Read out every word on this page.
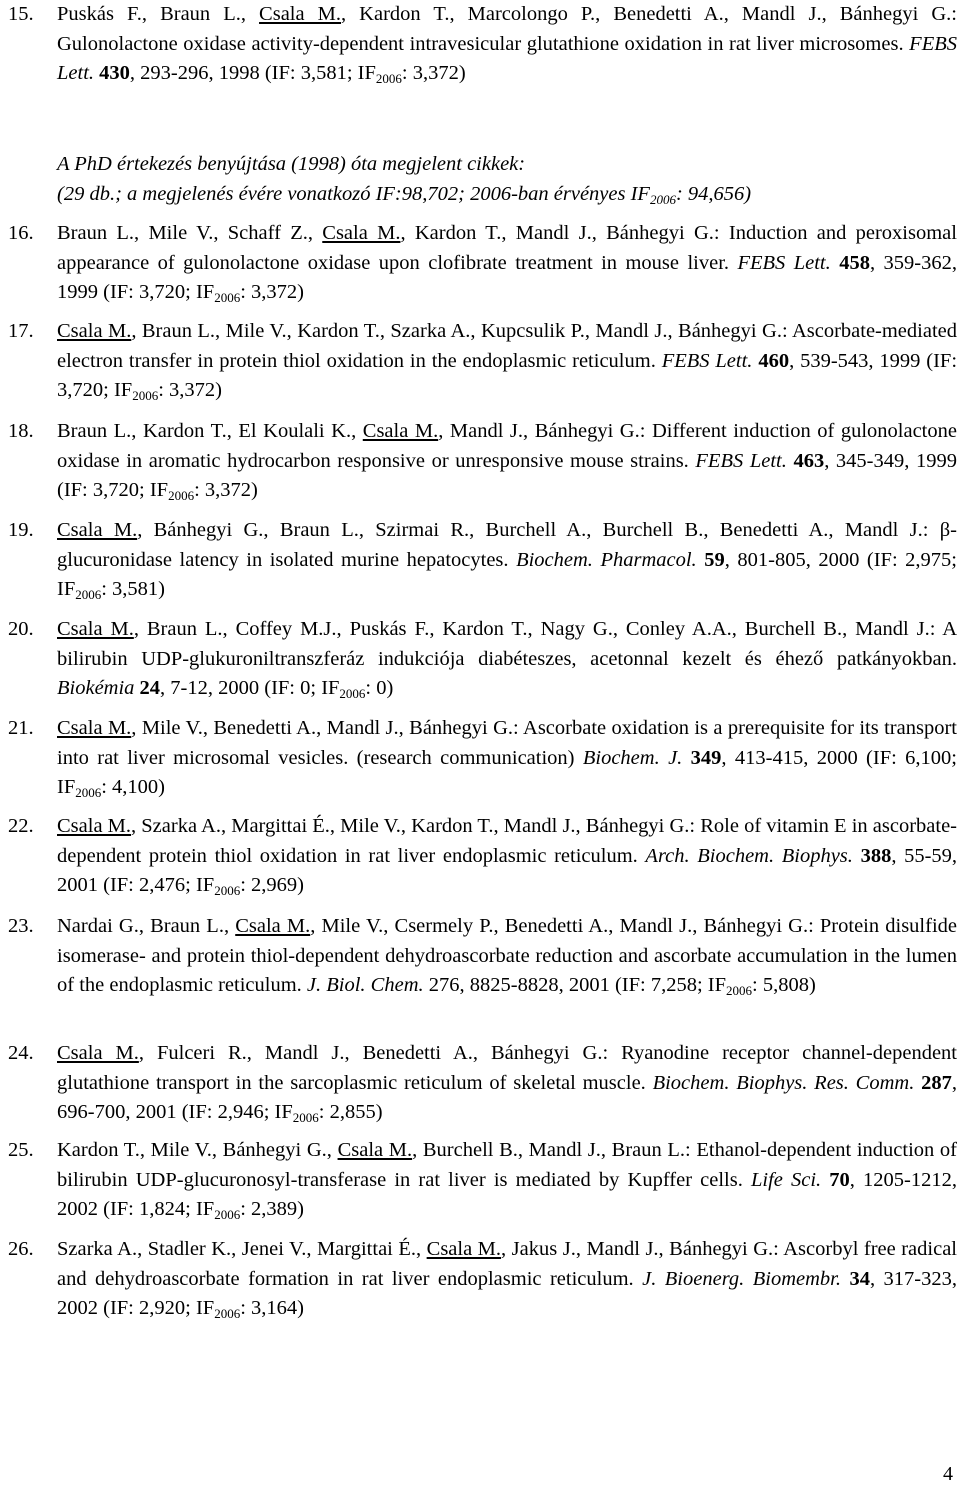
15.	Puskás F., Braun L., Csala M., Kardon T., Marcolongo P., Benedetti A., Mandl J., Bánhegyi G.: Gulonolactone oxidase activity-dependent intravesicular glutathione oxidation in rat liver microsomes. FEBS Lett. 430, 293-296, 1998 (IF: 3,581; $IF_{2006}$: 3,372)
A PhD értekezés benyújtása (1998) óta megjelent cikkek:
(29 db.; a megjelenés évére vonatkozó IF:98,702; 2006-ban érvényes $IF_{2006}$: 94,656)
16.	Braun L., Mile V., Schaff Z., Csala M., Kardon T., Mandl J., Bánhegyi G.: Induction and peroxisomal appearance of gulonolactone oxidase upon clofibrate treatment in mouse liver. FEBS Lett. 458, 359-362, 1999 (IF: 3,720; $IF_{2006}$: 3,372)
17.	Csala M., Braun L., Mile V., Kardon T., Szarka A., Kupcsulik P., Mandl J., Bánhegyi G.: Ascorbate-mediated electron transfer in protein thiol oxidation in the endoplasmic reticulum. FEBS Lett. 460, 539-543, 1999 (IF: 3,720; $IF_{2006}$: 3,372)
18.	Braun L., Kardon T., El Koulali K., Csala M., Mandl J., Bánhegyi G.: Different induction of gulonolactone oxidase in aromatic hydrocarbon responsive or unresponsive mouse strains. FEBS Lett. 463, 345-349, 1999 (IF: 3,720; $IF_{2006}$: 3,372)
19.	Csala M., Bánhegyi G., Braun L., Szirmai R., Burchell A., Burchell B., Benedetti A., Mandl J.: β-glucuronidase latency in isolated murine hepatocytes. Biochem. Pharmacol. 59, 801-805, 2000 (IF: 2,975; $IF_{2006}$: 3,581)
20.	Csala M., Braun L., Coffey M.J., Puskás F., Kardon T., Nagy G., Conley A.A., Burchell B., Mandl J.: A bilirubin UDP-glukuroniltranszferáz indukciója diabéteszes, acetonnal kezelt és éhező patkányokban. Biokémia 24, 7-12, 2000 (IF: 0; $IF_{2006}$: 0)
21.	Csala M., Mile V., Benedetti A., Mandl J., Bánhegyi G.: Ascorbate oxidation is a prerequisite for its transport into rat liver microsomal vesicles. (research communication) Biochem. J. 349, 413-415, 2000 (IF: 6,100; $IF_{2006}$: 4,100)
22.	Csala M., Szarka A., Margittai É., Mile V., Kardon T., Mandl J., Bánhegyi G.: Role of vitamin E in ascorbate-dependent protein thiol oxidation in rat liver endoplasmic reticulum. Arch. Biochem. Biophys. 388, 55-59, 2001 (IF: 2,476; $IF_{2006}$: 2,969)
23.	Nardai G., Braun L., Csala M., Mile V., Csermely P., Benedetti A., Mandl J., Bánhegyi G.: Protein disulfide isomerase- and protein thiol-dependent dehydroascorbate reduction and ascorbate accumulation in the lumen of the endoplasmic reticulum. J. Biol. Chem. 276, 8825-8828, 2001 (IF: 7,258; $IF_{2006}$: 5,808)
24.	Csala M., Fulceri R., Mandl J., Benedetti A., Bánhegyi G.: Ryanodine receptor channel-dependent glutathione transport in the sarcoplasmic reticulum of skeletal muscle. Biochem. Biophys. Res. Comm. 287, 696-700, 2001 (IF: 2,946; $IF_{2006}$: 2,855)
25.	Kardon T., Mile V., Bánhegyi G., Csala M., Burchell B., Mandl J., Braun L.: Ethanol-dependent induction of bilirubin UDP-glucuronosyl-transferase in rat liver is mediated by Kupffer cells. Life Sci. 70, 1205-1212, 2002 (IF: 1,824; $IF_{2006}$: 2,389)
26.	Szarka A., Stadler K., Jenei V., Margittai É., Csala M., Jakus J., Mandl J., Bánhegyi G.: Ascorbyl free radical and dehydroascorbate formation in rat liver endoplasmic reticulum. J. Bioenerg. Biomembr. 34, 317-323, 2002 (IF: 2,920; $IF_{2006}$: 3,164)
4
